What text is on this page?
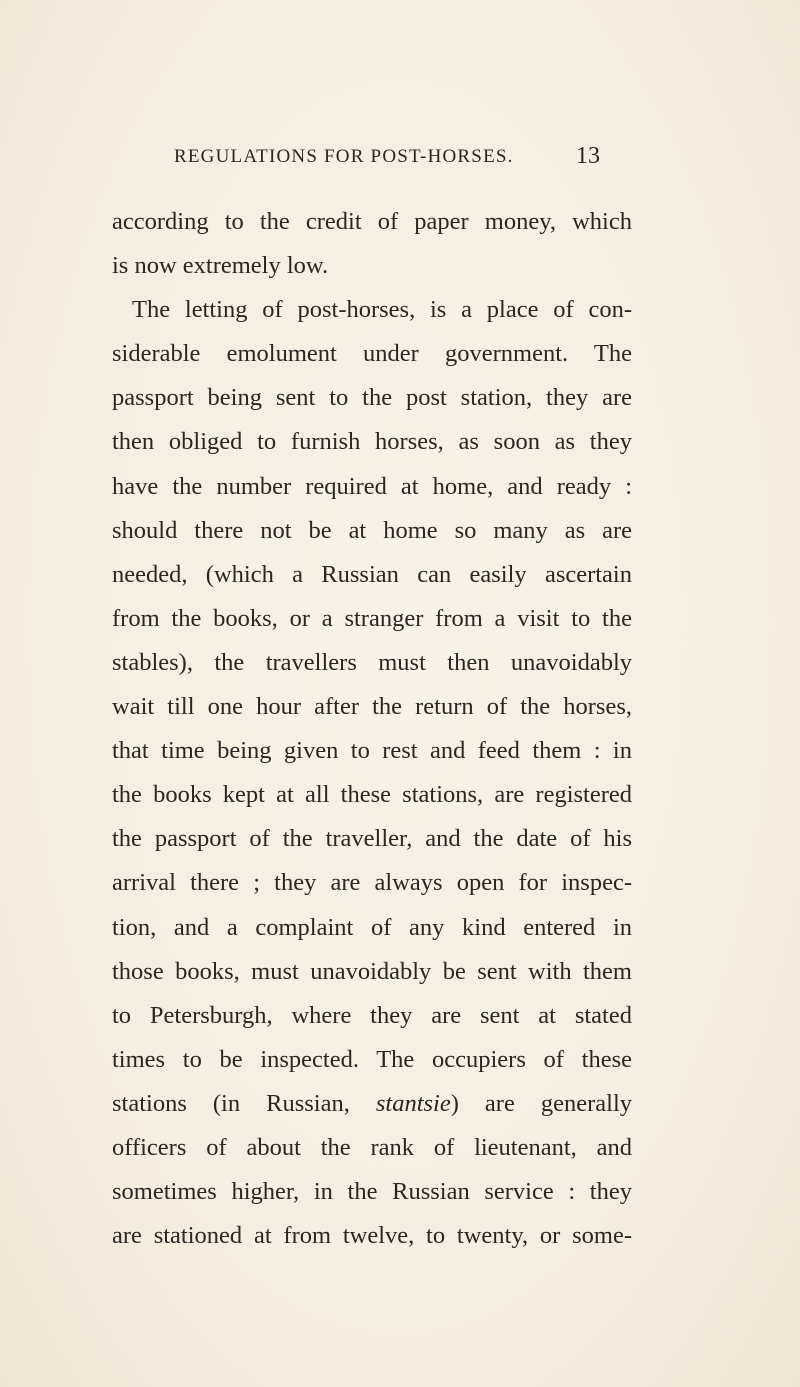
REGULATIONS FOR POST-HORSES.	13
according to the credit of paper money, which
is now extremely low.
The letting of post-horses, is a place of con-
siderable emolument under government. The
passport being sent to the post station, they are
then obliged to furnish horses, as soon as they
have the number required at home, and ready :
should there not be at home so many as are
needed, (which a Russian can easily ascertain
from the books, or a stranger from a visit to the
stables), the travellers must then unavoidably
wait till one hour after the return of the horses,
that time being given to rest and feed them : in
the books kept at all these stations, are registered
the passport of the traveller, and the date of his
arrival there ; they are always open for inspec-
tion, and a complaint of any kind entered in
those books, must unavoidably be sent with them
to Petersburgh, where they are sent at stated
times to be inspected. The occupiers of these
stations (in Russian, stantsie) are generally
officers of about the rank of lieutenant, and
sometimes higher, in the Russian service : they
are stationed at from twelve, to twenty, or some-
